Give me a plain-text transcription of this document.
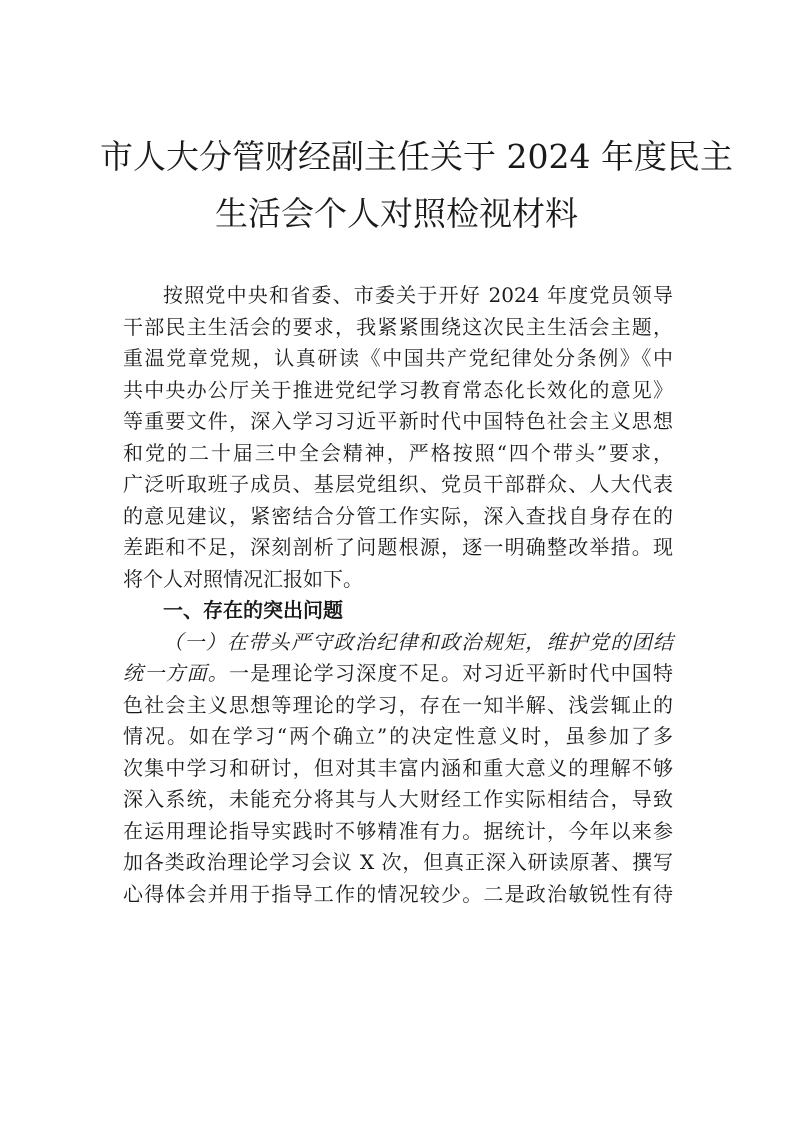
市人大分管财经副主任关于 2024 年度民主
生活会个人对照检视材料
按照党中央和省委、市委关于开好 2024 年度党员领导
干部民主生活会的要求，我紧紧围绕这次民主生活会主题，
重温党章党规，认真研读《中国共产党纪律处分条例》《中
共中央办公厅关于推进党纪学习教育常态化长效化的意见》
等重要文件，深入学习习近平新时代中国特色社会主义思想
和党的二十届三中全会精神，严格按照“四个带头”要求，
广泛听取班子成员、基层党组织、党员干部群众、人大代表
的意见建议，紧密结合分管工作实际，深入查找自身存在的
差距和不足，深刻剖析了问题根源，逐一明确整改举措。现
将个人对照情况汇报如下。
一、存在的突出问题
（一）在带头严守政治纪律和政治规矩，维护党的团结
统一方面。一是理论学习深度不足。对习近平新时代中国特
色社会主义思想等理论的学习，存在一知半解、浅尝辄止的
情况。如在学习“两个确立”的决定性意义时，虽参加了多
次集中学习和研讨，但对其丰富内涵和重大意义的理解不够
深入系统，未能充分将其与人大财经工作实际相结合，导致
在运用理论指导实践时不够精准有力。据统计，今年以来参
加各类政治理论学习会议 X 次，但真正深入研读原著、撰写
心得体会并用于指导工作的情况较少。二是政治敏锐性有待
